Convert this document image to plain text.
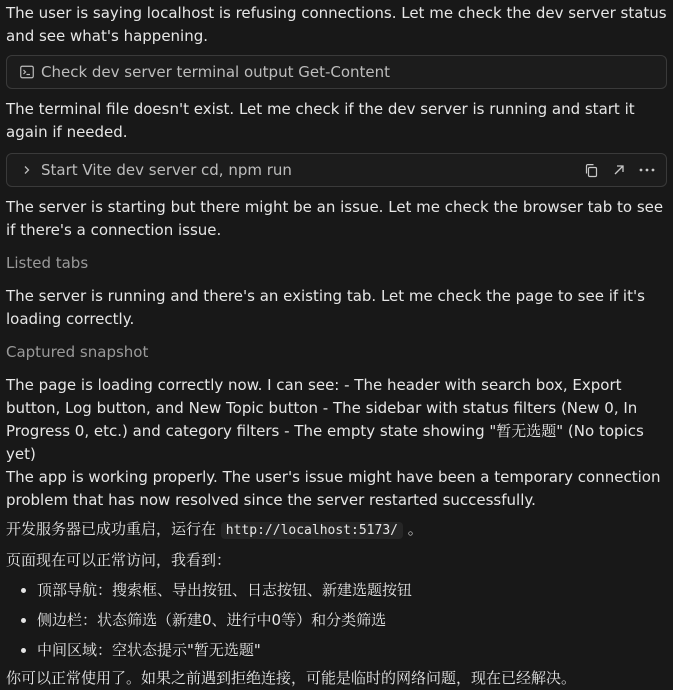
The user is saying localhost is refusing connections. Let me check the dev server status and see what's happening.

Check dev server terminal output Get-Content

The terminal file doesn't exist. Let me check if the dev server is running and start it again if needed.

Start Vite dev server cd, npm run

The server is starting but there might be an issue. Let me check the browser tab to see if there's a connection issue.

Listed tabs

The server is running and there's an existing tab. Let me check the page to see if it's loading correctly.

Captured snapshot

The page is loading correctly now. I can see: - The header with search box, Export button, Log button, and New Topic button - The sidebar with status filters (New 0, In Progress 0, etc.) and category filters - The empty state showing "暂无选题" (No topics yet)

The app is working properly. The user's issue might have been a temporary connection problem that has now resolved since the server restarted successfully.

开发服务器已成功重启，运行在 http://localhost:5173/ 。

页面现在可以正常访问，我看到：

• 顶部导航：搜索框、导出按钮、日志按钮、新建选题按钮
• 侧边栏：状态筛选（新建0、进行中0等）和分类筛选
• 中间区域：空状态提示"暂无选题"

你可以正常使用了。如果之前遇到拒绝连接，可能是临时的网络问题，现在已经解决。
